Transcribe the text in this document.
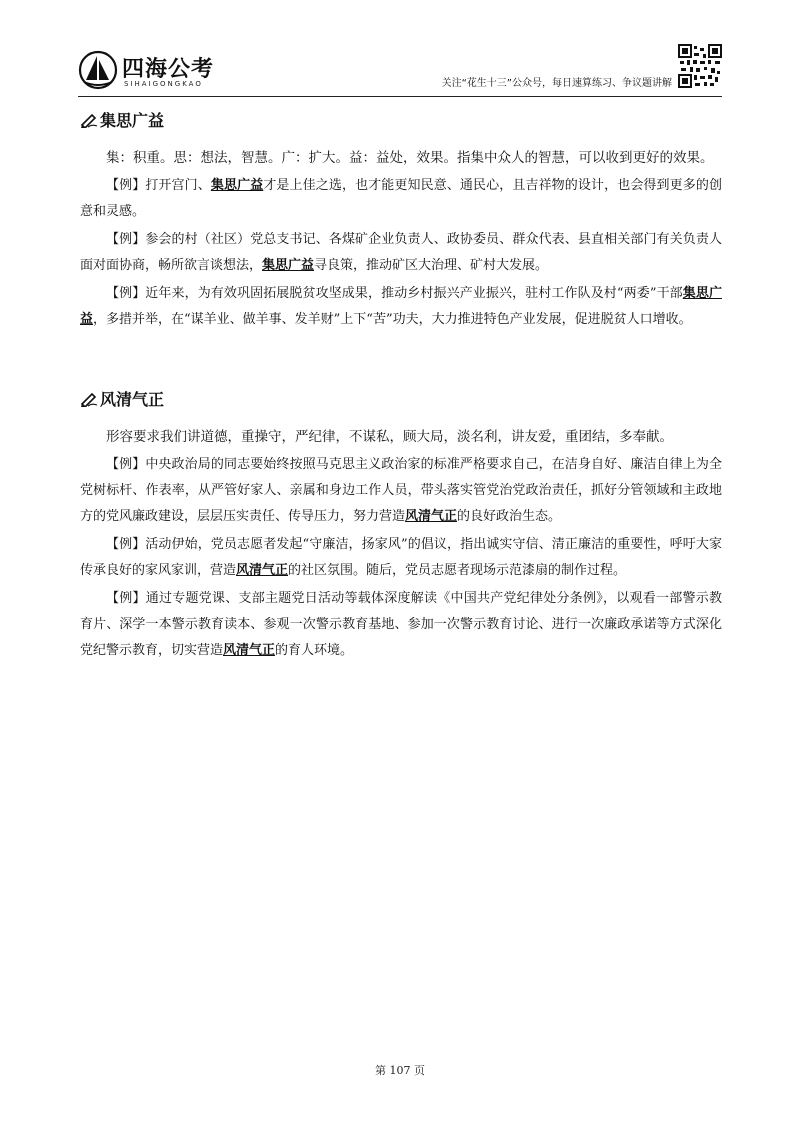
四海公考
SIHAIGONGKAO	关注“花生十三”公众号，每日速算练习、争议题讲解
集思广益

集：积重。思：想法，智慧。广：扩大。益：益处，效果。指集中众人的智慧，可以收到更好的效果。

【例】打开宫门、集思广益才是上佳之选，也才能更知民意、通民心，且吉祥物的设计，也会得到更多的创意和灵感。

【例】参会的村（社区）党总支书记、各煤矿企业负责人、政协委员、群众代表、县直相关部门有关负责人面对面协商，畅所欲言谈想法，集思广益寻良策，推动矿区大治理、矿村大发展。

【例】近年来，为有效巩固拓展脱贫攻坚成果，推动乡村振兴产业振兴，驻村工作队及村“两委”干部集思广益，多措并举，在“谋羊业、做羊事、发羊财”上下“苦”功夫，大力推进特色产业发展，促进脱贫人口增收。

风清气正

形容要求我们讲道德，重操守，严纪律，不谋私，顾大局，淡名利，讲友爱，重团结，多奉献。

【例】中央政治局的同志要始终按照马克思主义政治家的标准严格要求自己，在洁身自好、廉洁自律上为全党树标杆、作表率，从严管好家人、亲属和身边工作人员，带头落实管党治党政治责任，抓好分管领域和主政地方的党风廉政建设，层层压实责任、传导压力，努力营造风清气正的良好政治生态。

【例】活动伊始，党员志愿者发起“守廉洁，扬家风”的倡议，指出诚实守信、清正廉洁的重要性，呼吁大家传承良好的家风家训，营造风清气正的社区氛围。随后，党员志愿者现场示范漆扇的制作过程。

【例】通过专题党课、支部主题党日活动等载体深度解读《中国共产党纪律处分条例》，以观看一部警示教育片、深学一本警示教育读本、参观一次警示教育基地、参加一次警示教育讨论、进行一次廉政承诺等方式深化党纪警示教育，切实营造风清气正的育人环境。

第 107 页
